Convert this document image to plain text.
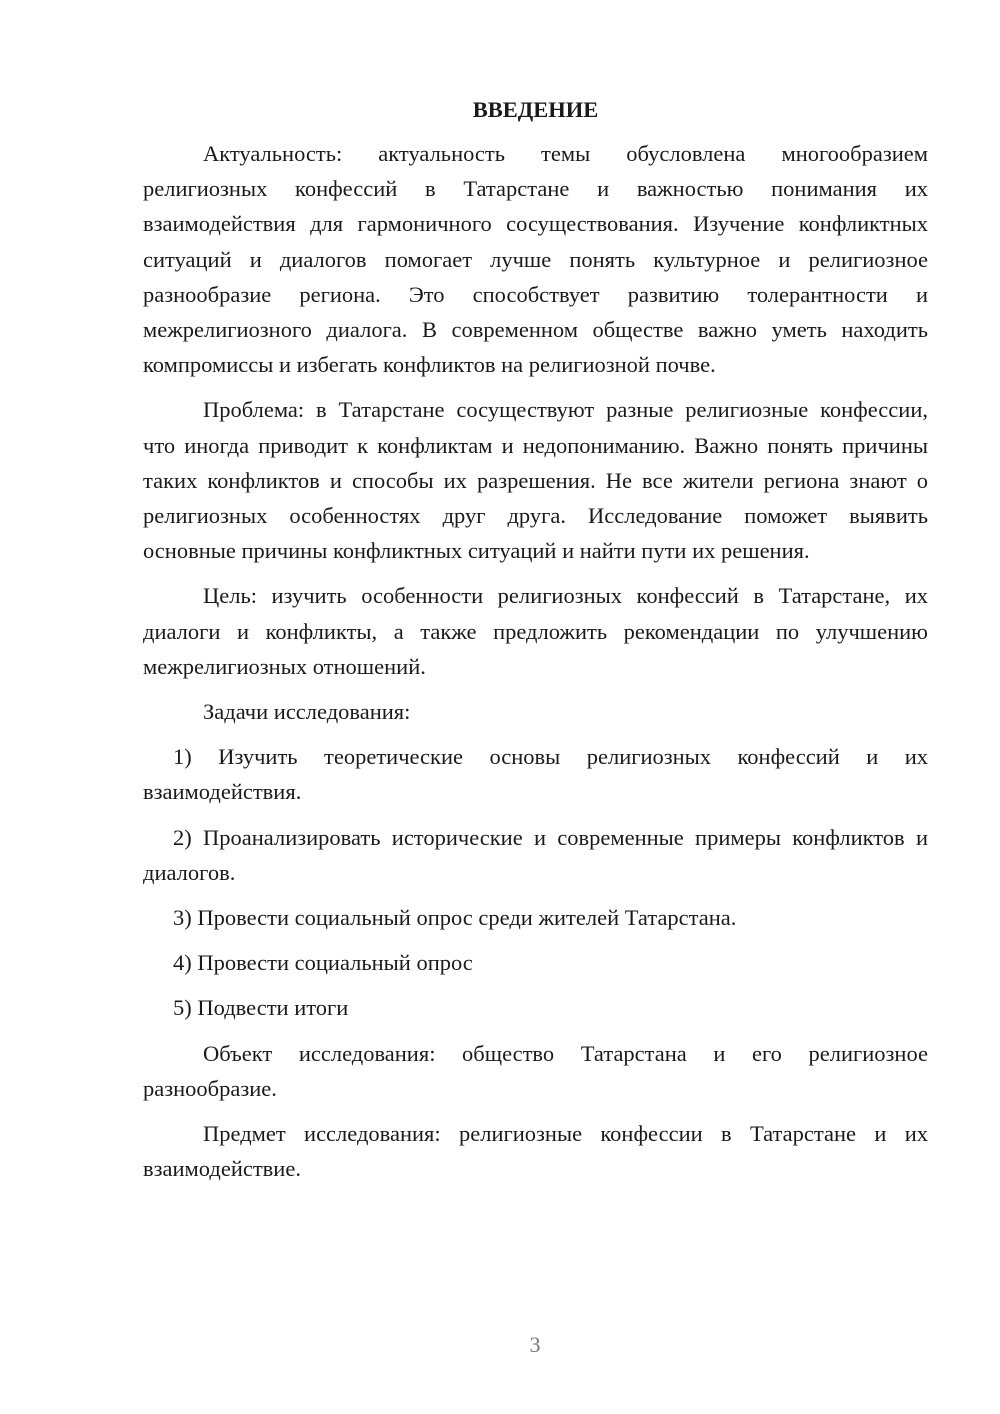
ВВЕДЕНИЕ

Актуальность: актуальность темы обусловлена многообразием религиозных конфессий в Татарстане и важностью понимания их взаимодействия для гармоничного сосуществования. Изучение конфликтных ситуаций и диалогов помогает лучше понять культурное и религиозное разнообразие региона. Это способствует развитию толерантности и межрелигиозного диалога. В современном обществе важно уметь находить компромиссы и избегать конфликтов на религиозной почве.

Проблема: в Татарстане сосуществуют разные религиозные конфессии, что иногда приводит к конфликтам и недопониманию. Важно понять причины таких конфликтов и способы их разрешения. Не все жители региона знают о религиозных особенностях друг друга. Исследование поможет выявить основные причины конфликтных ситуаций и найти пути их решения.

Цель: изучить особенности религиозных конфессий в Татарстане, их диалоги и конфликты, а также предложить рекомендации по улучшению межрелигиозных отношений.

Задачи исследования:

1) Изучить теоретические основы религиозных конфессий и их взаимодействия.

2) Проанализировать исторические и современные примеры конфликтов и диалогов.

3) Провести социальный опрос среди жителей Татарстана.

4) Провести социальный опрос

5) Подвести итоги

Объект исследования: общество Татарстана и его религиозное разнообразие.

Предмет исследования: религиозные конфессии в Татарстане и их взаимодействие.

3
